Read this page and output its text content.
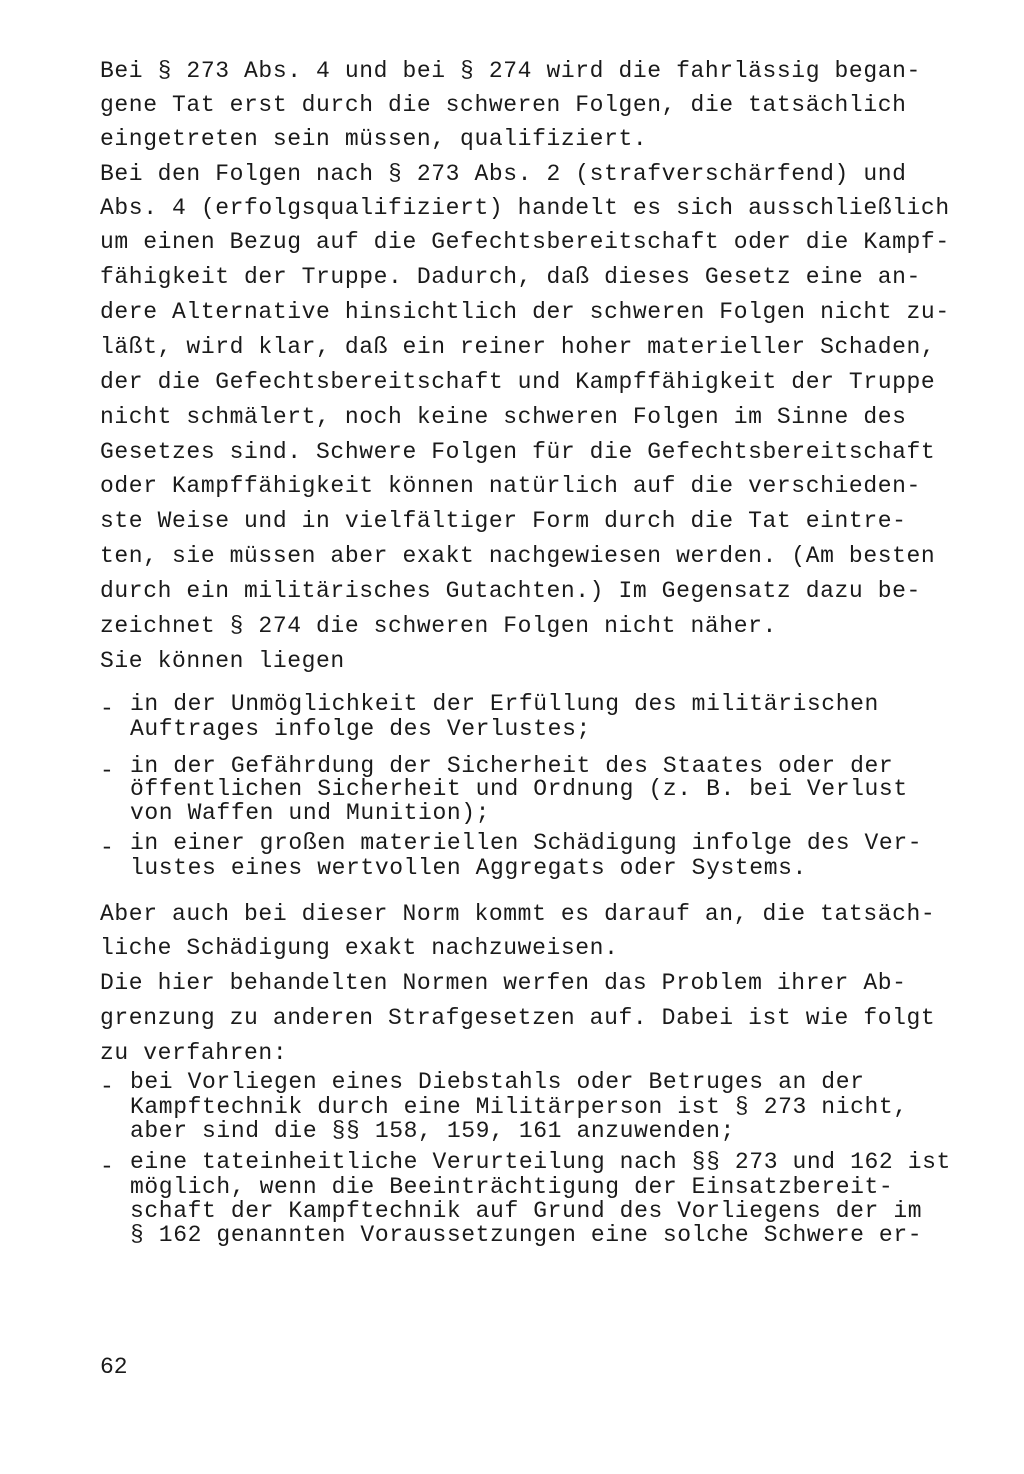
Bei § 273 Abs. 4 und bei § 274 wird die fahrlässig began-
gene Tat erst durch die schweren Folgen, die tatsächlich
eingetreten sein müssen, qualifiziert.
Bei den Folgen nach § 273 Abs. 2 (strafverschärfend) und
Abs. 4 (erfolgsqualifiziert) handelt es sich ausschließlich
um einen Bezug auf die Gefechtsbereitschaft oder die Kampf-
fähigkeit der Truppe. Dadurch, daß dieses Gesetz eine an-
dere Alternative hinsichtlich der schweren Folgen nicht zu-
läßt, wird klar, daß ein reiner hoher materieller Schaden,
der die Gefechtsbereitschaft und Kampffähigkeit der Truppe
nicht schmälert, noch keine schweren Folgen im Sinne des
Gesetzes sind. Schwere Folgen für die Gefechtsbereitschaft
oder Kampffähigkeit können natürlich auf die verschieden-
ste Weise und in vielfältiger Form durch die Tat eintre-
ten, sie müssen aber exakt nachgewiesen werden. (Am besten
durch ein militärisches Gutachten.) Im Gegensatz dazu be-
zeichnet § 274 die schweren Folgen nicht näher.
Sie können liegen
- in der Unmöglichkeit der Erfüllung des militärischen
Auftrages infolge des Verlustes;
- in der Gefährdung der Sicherheit des Staates oder der
öffentlichen Sicherheit und Ordnung (z. B. bei Verlust
von Waffen und Munition);
- in einer großen materiellen Schädigung infolge des Ver-
lustes eines wertvollen Aggregats oder Systems.
Aber auch bei dieser Norm kommt es darauf an, die tatsäch-
liche Schädigung exakt nachzuweisen.
Die hier behandelten Normen werfen das Problem ihrer Ab-
grenzung zu anderen Strafgesetzen auf. Dabei ist wie folgt
zu verfahren:
- bei Vorliegen eines Diebstahls oder Betruges an der
Kampftechnik durch eine Militärperson ist § 273 nicht,
aber sind die §§ 158, 159, 161 anzuwenden;
- eine tateinheitliche Verurteilung nach §§ 273 und 162 ist
möglich, wenn die Beeinträchtigung der Einsatzbereit-
schaft der Kampftechnik auf Grund des Vorliegens der im
§ 162 genannten Voraussetzungen eine solche Schwere er-
62
